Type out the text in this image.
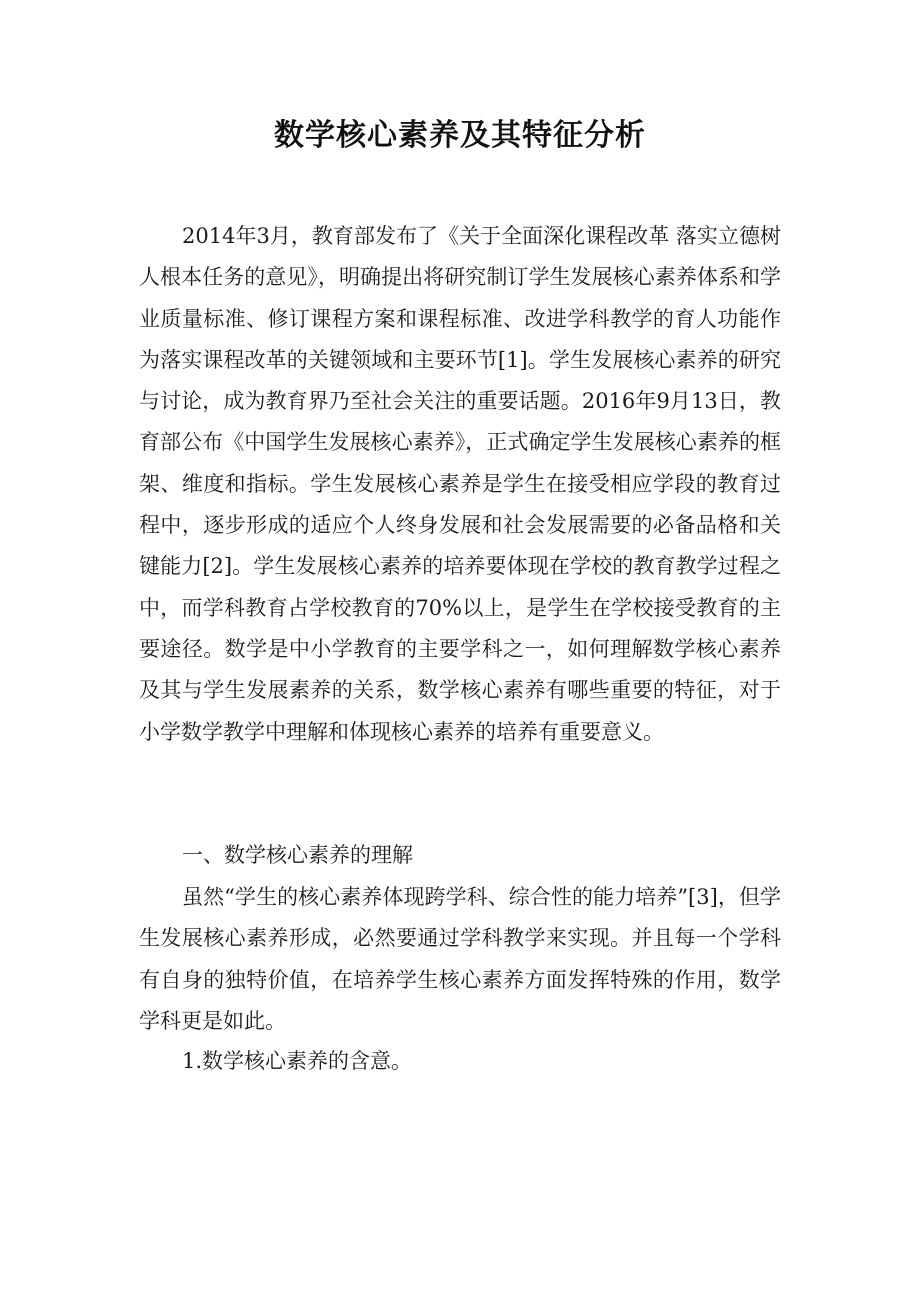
数学核心素养及其特征分析

2014年3月，教育部发布了《关于全面深化课程改革 落实立德树人根本任务的意见》，明确提出将研究制订学生发展核心素养体系和学业质量标准、修订课程方案和课程标准、改进学科教学的育人功能作为落实课程改革的关键领域和主要环节[1]。学生发展核心素养的研究与讨论，成为教育界乃至社会关注的重要话题。2016年9月13日，教育部公布《中国学生发展核心素养》，正式确定学生发展核心素养的框架、维度和指标。学生发展核心素养是学生在接受相应学段的教育过程中，逐步形成的适应个人终身发展和社会发展需要的必备品格和关键能力[2]。学生发展核心素养的培养要体现在学校的教育教学过程之中，而学科教育占学校教育的70%以上，是学生在学校接受教育的主要途径。数学是中小学教育的主要学科之一，如何理解数学核心素养及其与学生发展素养的关系，数学核心素养有哪些重要的特征，对于小学数学教学中理解和体现核心素养的培养有重要意义。

一、数学核心素养的理解

虽然“学生的核心素养体现跨学科、综合性的能力培养”[3]，但学生发展核心素养形成，必然要通过学科教学来实现。并且每一个学科有自身的独特价值，在培养学生核心素养方面发挥特殊的作用，数学学科更是如此。

1.数学核心素养的含意。
